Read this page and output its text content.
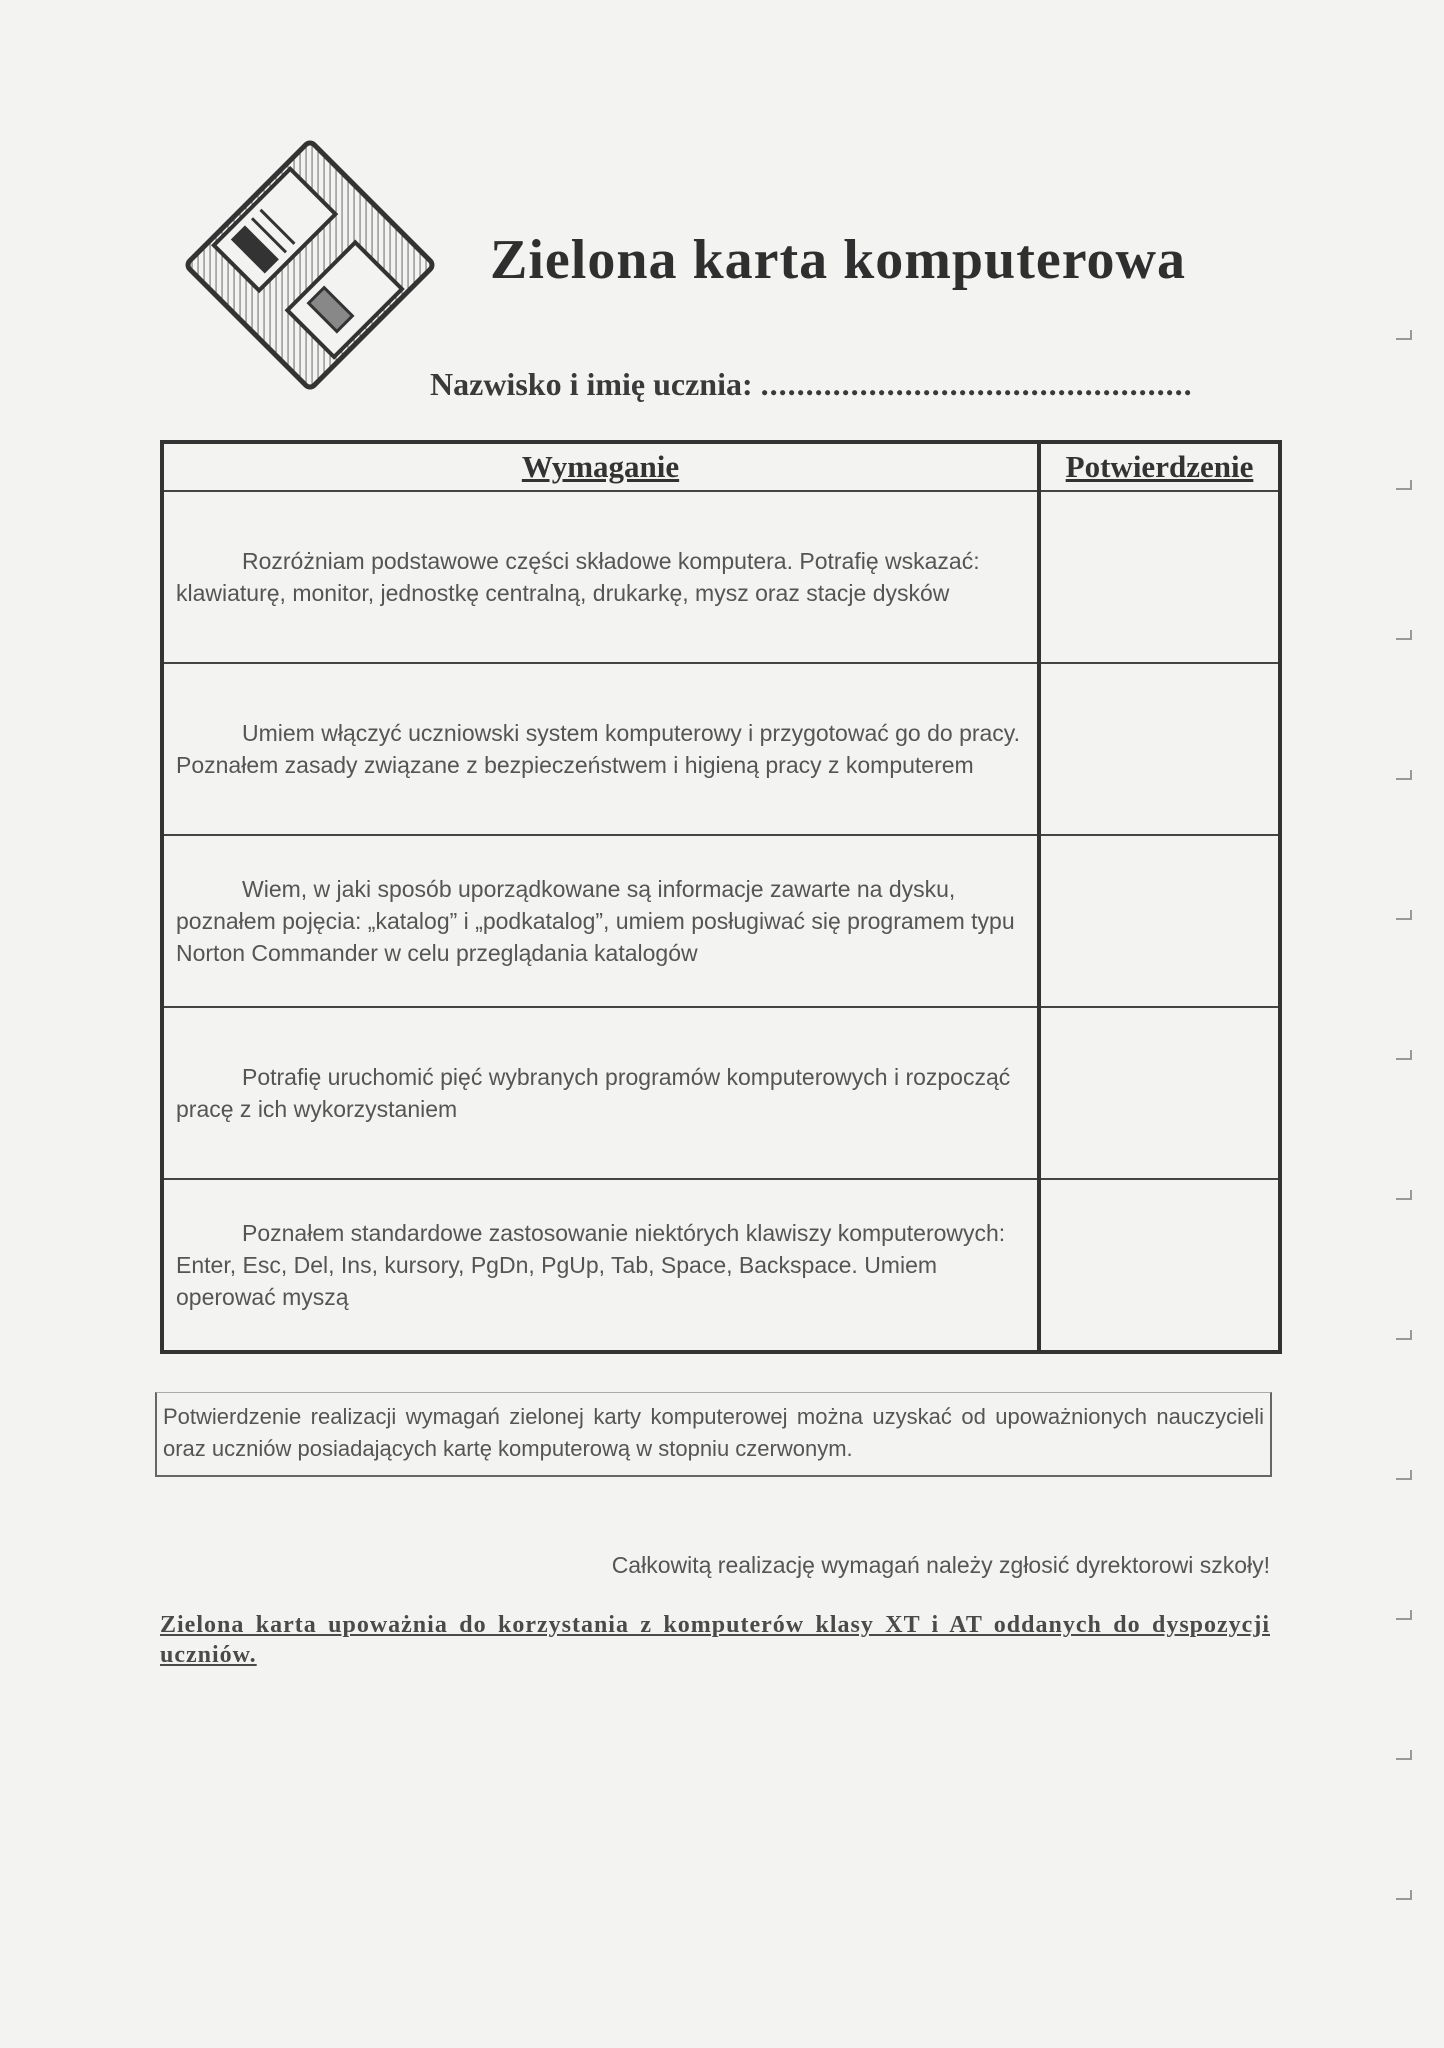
Zielona karta komputerowa
Nazwisko i imię ucznia: ................................................
Wymaganie	Potwierdzenie

Rozróżniam podstawowe części składowe komputera. Potrafię wskazać: klawiaturę, monitor, jednostkę centralną, drukarkę, mysz oraz stacje dysków	

Umiem włączyć uczniowski system komputerowy i przygotować go do pracy. Poznałem zasady związane z bezpieczeństwem i higieną pracy z komputerem	

Wiem, w jaki sposób uporządkowane są informacje zawarte na dysku, poznałem pojęcia: „katalog” i „podkatalog”, umiem posługiwać się programem typu Norton Commander w celu przeglądania katalogów	

Potrafię uruchomić pięć wybranych programów komputerowych i rozpocząć pracę z ich wykorzystaniem	

Poznałem standardowe zastosowanie niektórych klawiszy komputerowych: Enter, Esc, Del, Ins, kursory, PgDn, PgUp, Tab, Space, Backspace. Umiem operować myszą	

Potwierdzenie realizacji wymagań zielonej karty komputerowej można uzyskać od upoważnionych nauczycieli oraz uczniów posiadających kartę komputerową w stopniu czerwonym.
Całkowitą realizację wymagań należy zgłosić dyrektorowi szkoły!
Zielona karta upoważnia do korzystania z komputerów klasy XT i AT oddanych do dyspozycji uczniów.
